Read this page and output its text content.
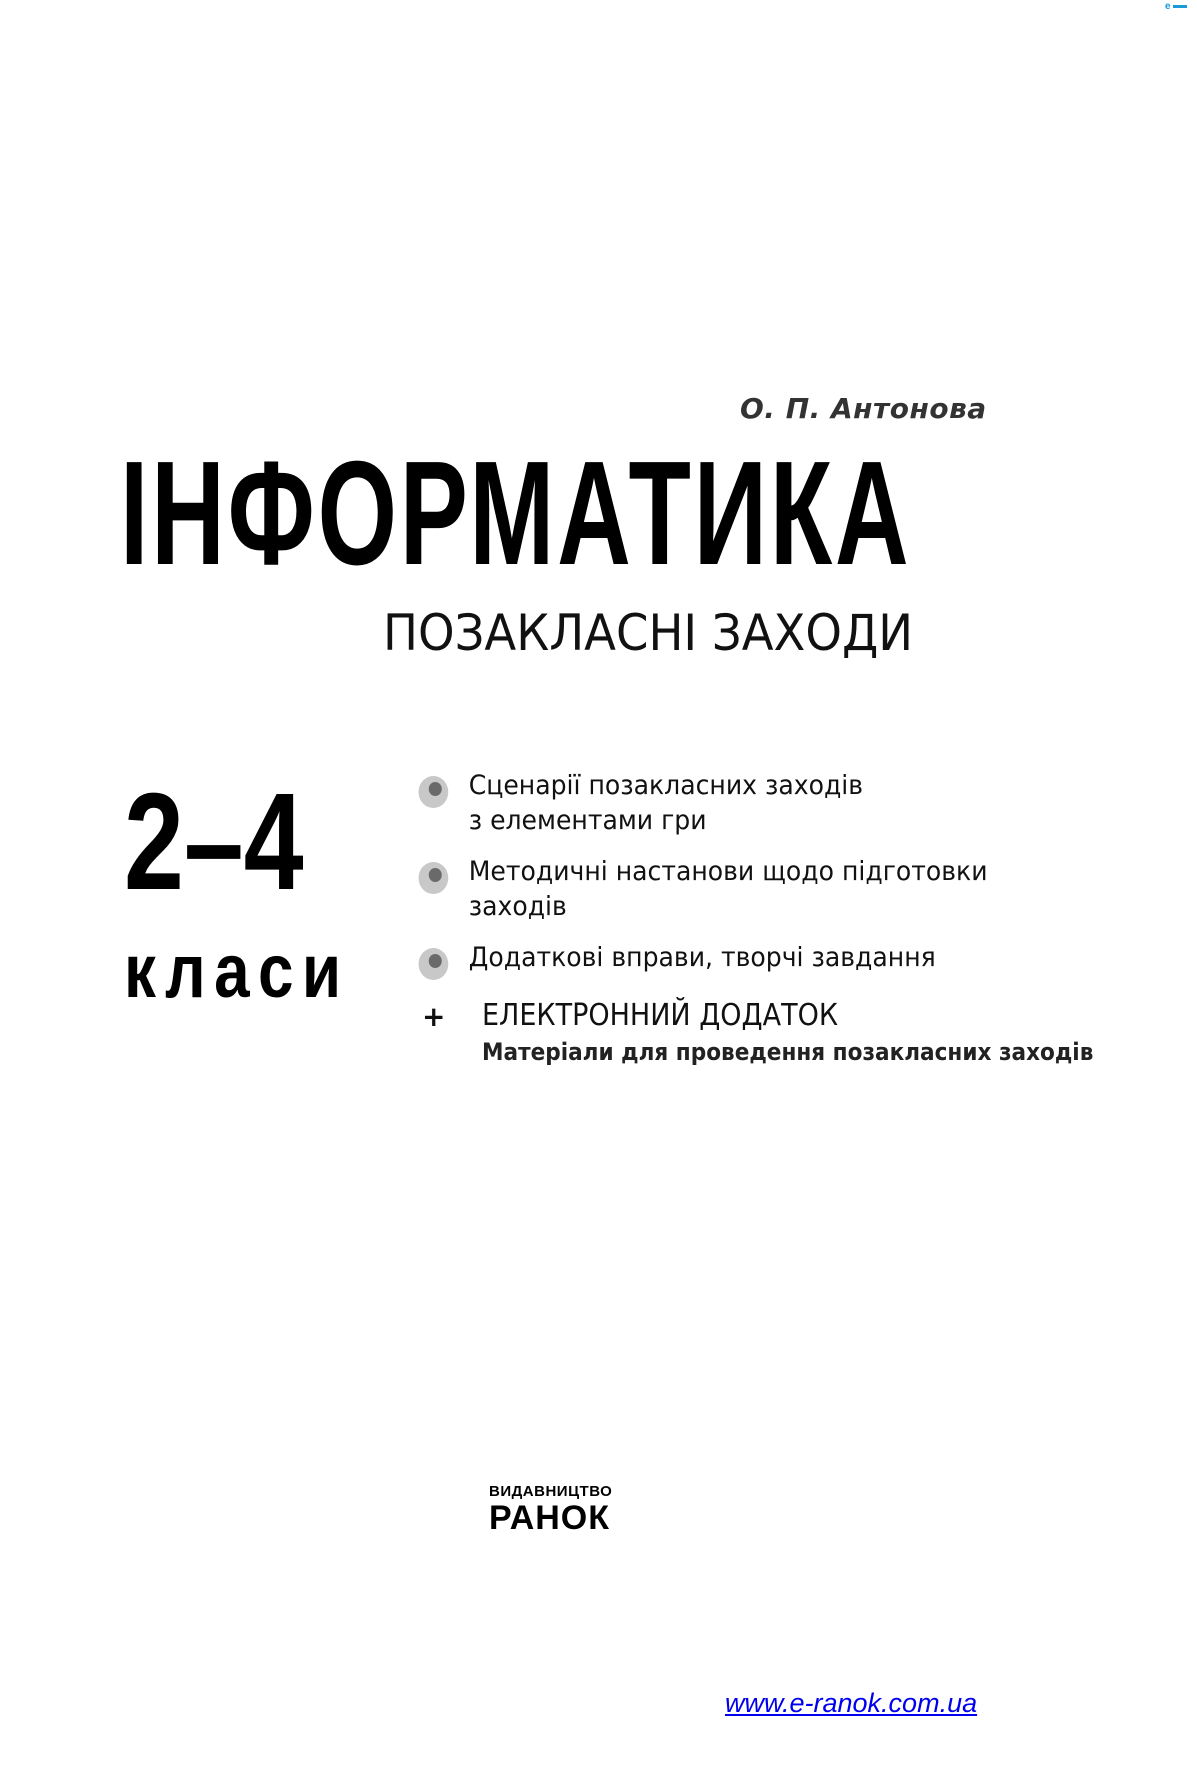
e
О. П. Антонова
ІНФОРМАТИКА
ПОЗАКЛАСНІ ЗАХОДИ
2–4
класи
Сценарії позакласних заходів
з елементами гри
Методичні настанови щодо підготовки
заходів
Додаткові вправи, творчі завдання
+ ЕЛЕКТРОННИЙ ДОДАТОК
Матеріали для проведення позакласних заходів
ВИДАВНИЦТВО
РАНОК
www.e-ranok.com.ua
